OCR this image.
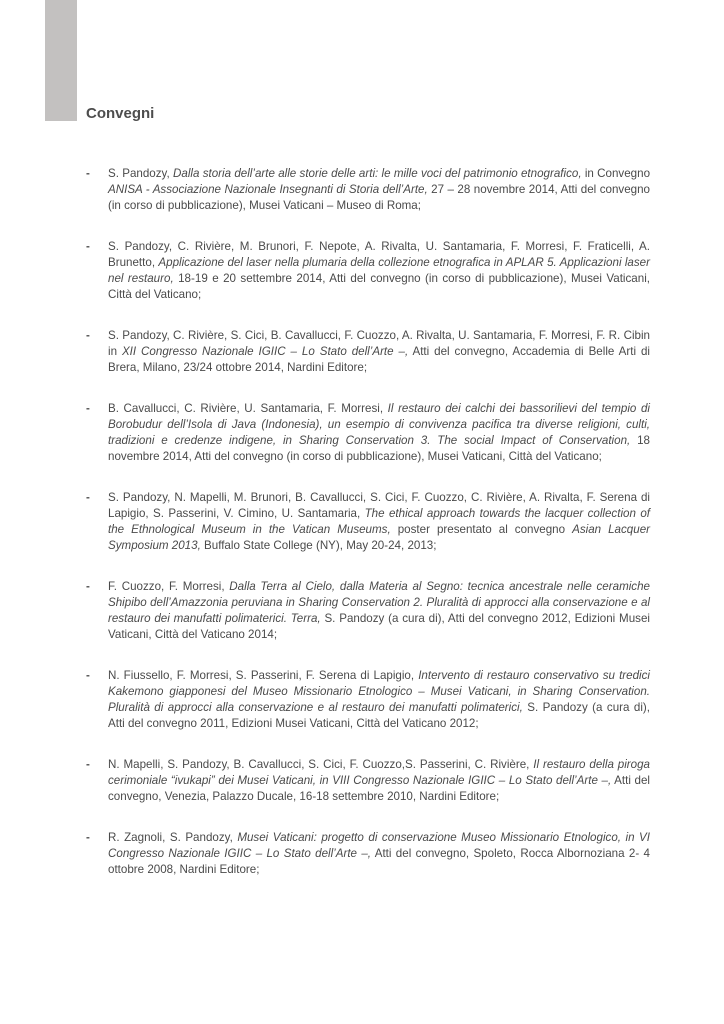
Convegni
- S. Pandozy, Dalla storia dell’arte alle storie delle arti: le mille voci del patrimonio etnografico, in Convegno ANISA - Associazione Nazionale Insegnanti di Storia dell’Arte, 27 – 28 novembre 2014, Atti del convegno (in corso di pubblicazione), Musei Vaticani – Museo di Roma;
- S. Pandozy, C. Rivière, M. Brunori, F. Nepote, A. Rivalta, U. Santamaria, F. Morresi, F. Fraticelli, A. Brunetto, Applicazione del laser nella plumaria della collezione etnografica in APLAR 5. Applicazioni laser nel restauro, 18-19 e 20 settembre 2014, Atti del convegno (in corso di pubblicazione), Musei Vaticani, Città del Vaticano;
- S. Pandozy, C. Rivière, S. Cici, B. Cavallucci, F. Cuozzo, A. Rivalta, U. Santamaria, F. Morresi, F. R. Cibin in XII Congresso Nazionale IGIIC – Lo Stato dell’Arte –, Atti del convegno, Accademia di Belle Arti di Brera, Milano, 23/24 ottobre 2014, Nardini Editore;
- B. Cavallucci, C. Rivière, U. Santamaria, F. Morresi, Il restauro dei calchi dei bassorilievi del tempio di Borobudur dell’Isola di Java (Indonesia), un esempio di convivenza pacifica tra diverse religioni, culti, tradizioni e credenze indigene, in Sharing Conservation 3. The social Impact of Conservation, 18 novembre 2014, Atti del convegno (in corso di pubblicazione), Musei Vaticani, Città del Vaticano;
- S. Pandozy, N. Mapelli, M. Brunori, B. Cavallucci, S. Cici, F. Cuozzo, C. Rivière, A. Rivalta, F. Serena di Lapigio, S. Passerini, V. Cimino, U. Santamaria, The ethical approach towards the lacquer collection of the Ethnological Museum in the Vatican Museums, poster presentato al convegno Asian Lacquer Symposium 2013, Buffalo State College (NY), May 20-24, 2013;
- F. Cuozzo, F. Morresi, Dalla Terra al Cielo, dalla Materia al Segno: tecnica ancestrale nelle ceramiche Shipibo dell’Amazzonia peruviana in Sharing Conservation 2. Pluralità di approcci alla conservazione e al restauro dei manufatti polimaterici. Terra, S. Pandozy (a cura di), Atti del convegno 2012, Edizioni Musei Vaticani, Città del Vaticano 2014;
- N. Fiussello, F. Morresi, S. Passerini, F. Serena di Lapigio, Intervento di restauro conservativo su tredici Kakemono giapponesi del Museo Missionario Etnologico – Musei Vaticani, in Sharing Conservation. Pluralità di approcci alla conservazione e al restauro dei manufatti polimaterici, S. Pandozy (a cura di), Atti del convegno 2011, Edizioni Musei Vaticani, Città del Vaticano 2012;
- N. Mapelli, S. Pandozy, B. Cavallucci, S. Cici, F. Cuozzo,S. Passerini, C. Rivière, Il restauro della piroga cerimoniale “ivukapi” dei Musei Vaticani, in VIII Congresso Nazionale IGIIC – Lo Stato dell’Arte –, Atti del convegno, Venezia, Palazzo Ducale, 16-18 settembre 2010, Nardini Editore;
- R. Zagnoli, S. Pandozy, Musei Vaticani: progetto di conservazione Museo Missionario Etnologico, in VI Congresso Nazionale IGIIC – Lo Stato dell’Arte –, Atti del convegno, Spoleto, Rocca Albornoziana 2- 4 ottobre 2008, Nardini Editore;
